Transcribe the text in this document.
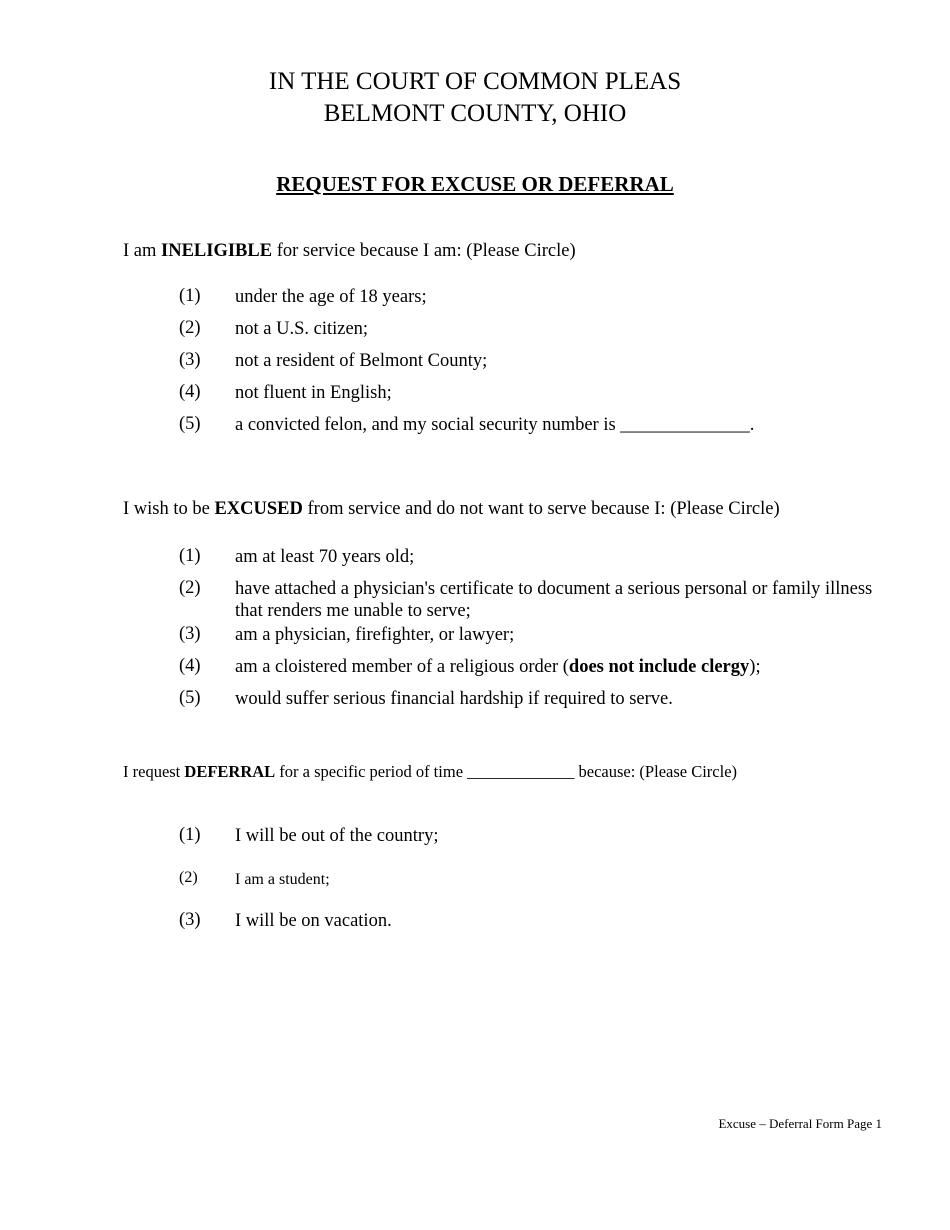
IN THE COURT OF COMMON PLEAS
BELMONT COUNTY, OHIO
REQUEST FOR EXCUSE OR DEFERRAL
I am INELIGIBLE for service because I am: (Please Circle)
(1) under the age of 18 years;
(2) not a U.S. citizen;
(3) not a resident of Belmont County;
(4) not fluent in English;
(5) a convicted felon, and my social security number is ______________.
I wish to be EXCUSED from service and do not want to serve because I: (Please Circle)
(1) am at least 70 years old;
(2) have attached a physician's certificate to document a serious personal or family illness that renders me unable to serve;
(3) am a physician, firefighter, or lawyer;
(4) am a cloistered member of a religious order (does not include clergy);
(5) would suffer serious financial hardship if required to serve.
I request DEFERRAL for a specific period of time _____________ because: (Please Circle)
(1) I will be out of the country;
(2) I am a student;
(3) I will be on vacation.
Excuse – Deferral Form Page 1
